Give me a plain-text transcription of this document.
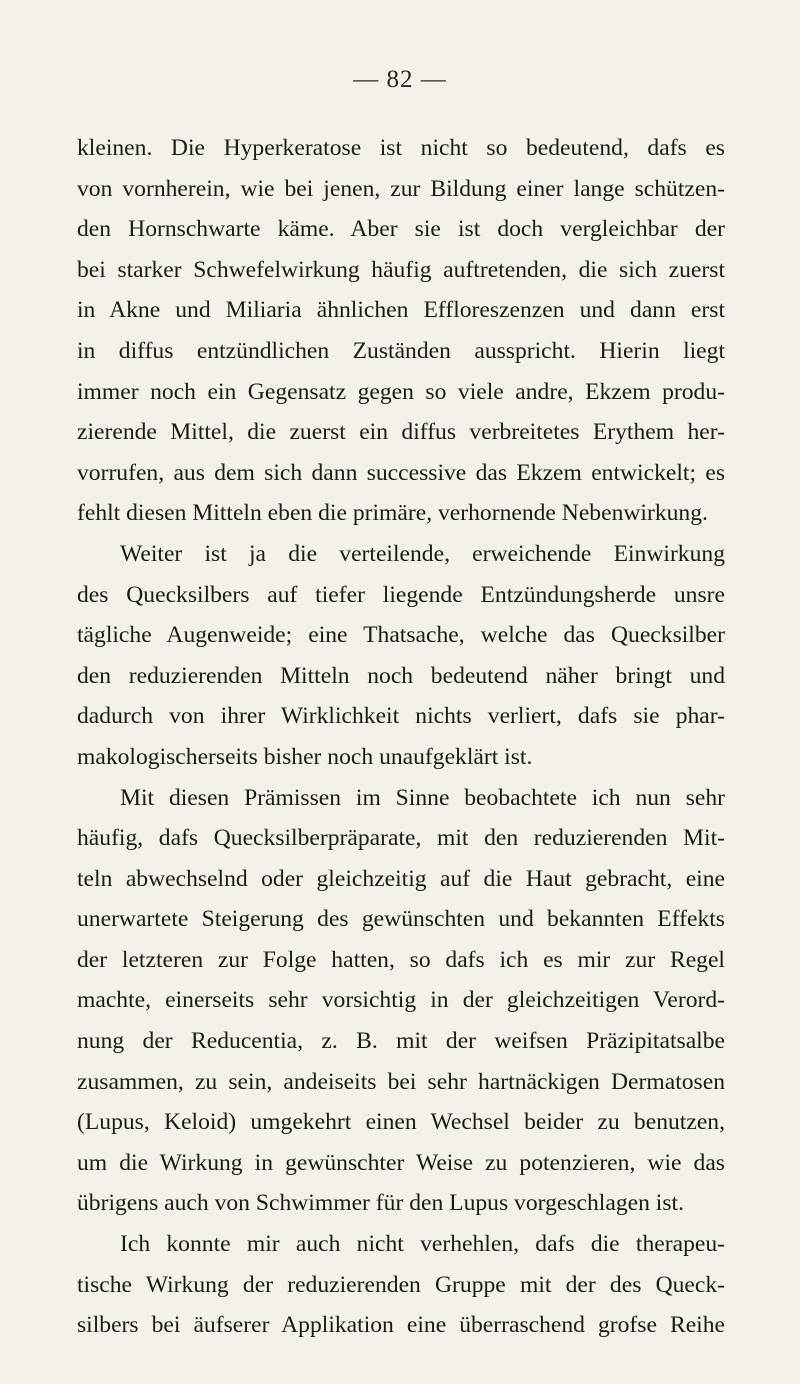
— 82 —
kleinen. Die Hyperkeratose ist nicht so bedeutend, dafs es
von vornherein, wie bei jenen, zur Bildung einer lange schützen-
den Hornschwarte käme. Aber sie ist doch vergleichbar der
bei starker Schwefelwirkung häufig auftretenden, die sich zuerst
in Akne und Miliaria ähnlichen Effloreszenzen und dann erst
in diffus entzündlichen Zuständen ausspricht. Hierin liegt
immer noch ein Gegensatz gegen so viele andre, Ekzem produ-
zierende Mittel, die zuerst ein diffus verbreitetes Erythem her-
vorrufen, aus dem sich dann successive das Ekzem entwickelt; es
fehlt diesen Mitteln eben die primäre, verhornende Nebenwirkung.
Weiter ist ja die verteilende, erweichende Einwirkung
des Quecksilbers auf tiefer liegende Entzündungsherde unsre
tägliche Augenweide; eine Thatsache, welche das Quecksilber
den reduzierenden Mitteln noch bedeutend näher bringt und
dadurch von ihrer Wirklichkeit nichts verliert, dafs sie phar-
makologischerseits bisher noch unaufgeklärt ist.
Mit diesen Prämissen im Sinne beobachtete ich nun sehr
häufig, dafs Quecksilberpräparate, mit den reduzierenden Mit-
teln abwechselnd oder gleichzeitig auf die Haut gebracht, eine
unerwartete Steigerung des gewünschten und bekannten Effekts
der letzteren zur Folge hatten, so dafs ich es mir zur Regel
machte, einerseits sehr vorsichtig in der gleichzeitigen Verord-
nung der Reducentia, z. B. mit der weifsen Präzipitatsalbe
zusammen, zu sein, andeiseits bei sehr hartnäckigen Dermatosen
(Lupus, Keloid) umgekehrt einen Wechsel beider zu benutzen,
um die Wirkung in gewünschter Weise zu potenzieren, wie das
übrigens auch von Schwimmer für den Lupus vorgeschlagen ist.
Ich konnte mir auch nicht verhehlen, dafs die therapeu-
tische Wirkung der reduzierenden Gruppe mit der des Queck-
silbers bei äufserer Applikation eine überraschend grofse Reihe
